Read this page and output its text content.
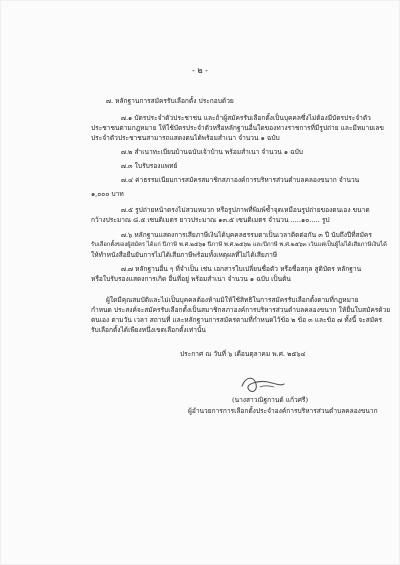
- ๒ -
๗. หลักฐานการสมัครรับเลือกตั้ง ประกอบด้วย
๗.๑ บัตรประจำตัวประชาชน และถ้าผู้สมัครรับเลือกตั้งเป็นบุคคลซึ่งไม่ต้องมีบัตรประจำตัว
ประชาชนตามกฎหมาย ให้ใช้บัตรประจำตัวหรือหลักฐานอื่นใดของทางราชการที่มีรูปถ่าย และมีหมายเลข
ประจำตัวประชาชนสามารถแสดงตนได้พร้อมสำเนา จำนวน ๑ ฉบับ
๗.๒ สำเนาทะเบียนบ้านฉบับเจ้าบ้าน พร้อมสำเนา จำนวน ๑ ฉบับ
๗.๓ ใบรับรองแพทย์
๗.๔ ค่าธรรมเนียมการสมัครสมาชิกสภาองค์การบริหารส่วนตำบลคลองขนาก จำนวน
๑,๐๐๐ บาท
๗.๕ รูปถ่ายหน้าตรงไม่สวมหมวก หรือรูปภาพที่พิมพ์ซ้ำจุดเหมือนรูปถ่ายของตนเอง ขนาด
กว้างประมาณ ๘.๕ เซนติเมตร ยาวประมาณ ๑๓.๕ เซนติเมตร จำนวน .....๑๐..... รูป
๗.๖ หลักฐานแสดงการเสียภาษีเงินได้บุคคลธรรมดาเป็นเวลาติดต่อกัน ๓ ปี นับถึงปีที่สมัคร
รับเลือกตั้งของผู้สมัคร ได้แก่ ปีภาษี พ.ศ.๒๕๖๑ ปีภาษี พ.ศ.๒๕๖๒ และปีภาษี พ.ศ.๒๕๖๓ เว้นแต่เป็นผู้ไม่ได้เสียภาษีเงินได้
ให้ทำหนังสือยืนยันการไม่ได้เสียภาษีพร้อมทั้งเหตุผลที่ไม่ได้เสียภาษี
๗.๗ หลักฐานอื่น ๆ ที่จำเป็น เช่น เอกสารใบเปลี่ยนชื่อตัว หรือชื่อสกุล สูติบัตร หลักฐาน
หรือใบรับรองแสดงการเกิด อื่นที่อยู่ พร้อมสำเนา จำนวน ๑ ฉบับ เป็นต้น
ผู้ใดมีคุณสมบัติและไม่เป็นบุคคลต้องห้ามมิให้ใช้สิทธิในการสมัครรับเลือกตั้งตามที่กฎหมาย
กำหนด ประสงค์จะสมัครรับเลือกตั้งเป็นสมาชิกสภาองค์การบริหารส่วนตำบลคลองขนาก ให้ยื่นใบสมัครด้วย
ตนเอง ตามวัน เวลา สถานที่ และหลักฐานการสมัครตามที่กำหนดไว้ข้อ ๒ ข้อ ๓ และข้อ ๗ ทั้งนี้ จะสมัคร
รับเลือกตั้งได้เพียงหนึ่งเขตเลือกตั้งเท่านั้น
ประกาศ ณ วันที่ ๖ เดือนตุลาคม พ.ศ. ๒๕๖๔
(นางสาวณิฐกานต์ แก้วศรี)
ผู้อำนวยการการเลือกตั้งประจำองค์การบริหารส่วนตำบลคลองขนาก
